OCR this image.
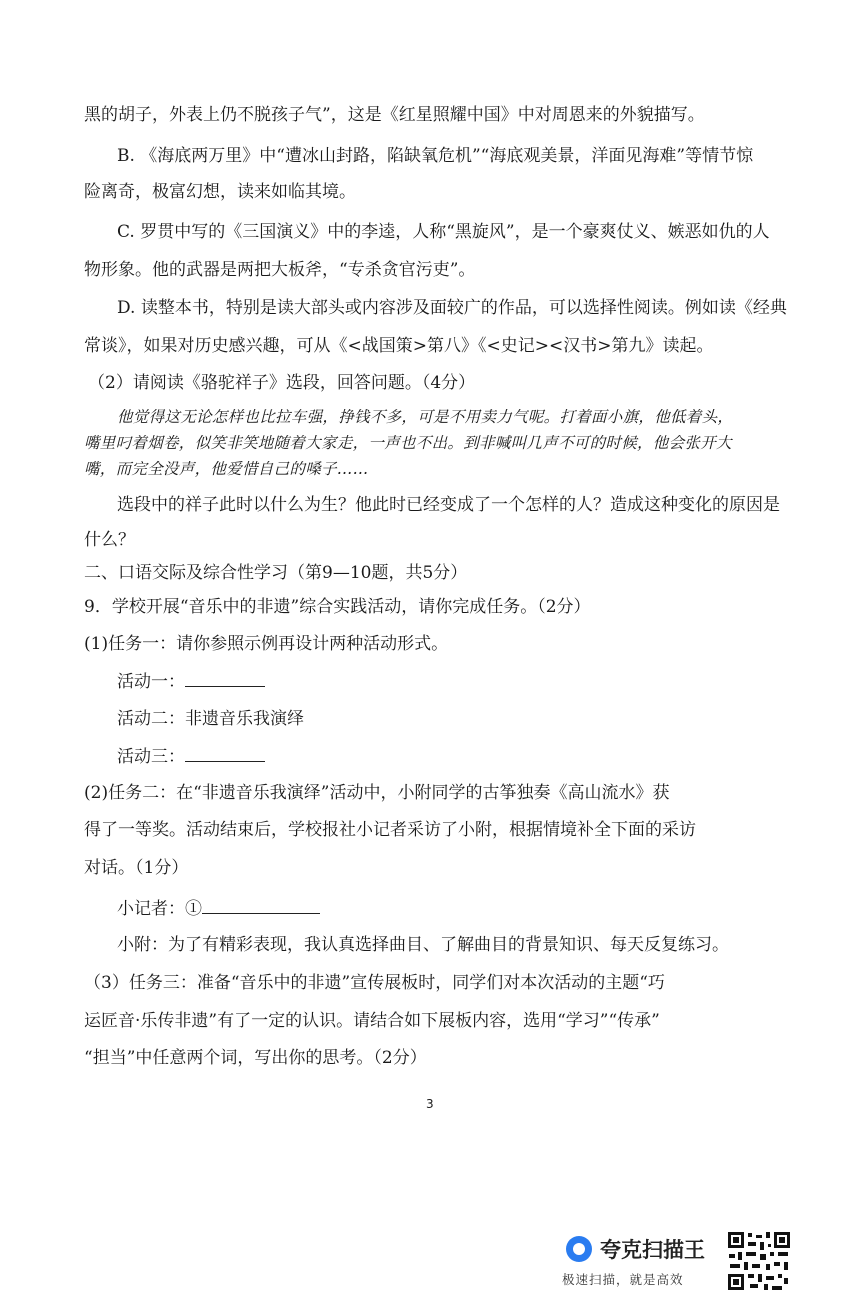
黑的胡子，外表上仍不脱孩子气”，这是《红星照耀中国》中对周恩来的外貌描写。
B. 《海底两万里》中“遭冰山封路，陷缺氧危机”“海底观美景，洋面见海难”等情节惊
险离奇，极富幻想，读来如临其境。
C. 罗贯中写的《三国演义》中的李逵，人称“黑旋风”，是一个豪爽仗义、嫉恶如仇的人
物形象。他的武器是两把大板斧，“专杀贪官污吏”。
D. 读整本书，特别是读大部头或内容涉及面较广的作品，可以选择性阅读。例如读《经典
常谈》，如果对历史感兴趣，可从《<战国策>第八》《<史记><汉书>第九》读起。
（2）请阅读《骆驼祥子》选段，回答问题。（4分）
他觉得这无论怎样也比拉车强，挣钱不多，可是不用卖力气呢。打着面小旗，他低着头，
嘴里叼着烟卷，似笑非笑地随着大家走，一声也不出。到非喊叫几声不可的时候，他会张开大
嘴，而完全没声，他爱惜自己的嗓子……
选段中的祥子此时以什么为生？他此时已经变成了一个怎样的人？造成这种变化的原因是
什么？
二、口语交际及综合性学习（第9—10题，共5分）
9．学校开展“音乐中的非遗”综合实践活动，请你完成任务。（2分）
(1)任务一：请你参照示例再设计两种活动形式。
活动一：
活动二：非遗音乐我演绎
活动三：
(2)任务二：在“非遗音乐我演绎”活动中，小附同学的古筝独奏《高山流水》获
得了一等奖。活动结束后，学校报社小记者采访了小附，根据情境补全下面的采访
对话。（1分）
小记者：①
小附：为了有精彩表现，我认真选择曲目、了解曲目的背景知识、每天反复练习。
（3）任务三：准备“音乐中的非遗”宣传展板时，同学们对本次活动的主题“巧
运匠音·乐传非遗”有了一定的认识。请结合如下展板内容，选用“学习”“传承”
“担当”中任意两个词，写出你的思考。（2分）
3
夸克扫描王
极速扫描，就是高效
